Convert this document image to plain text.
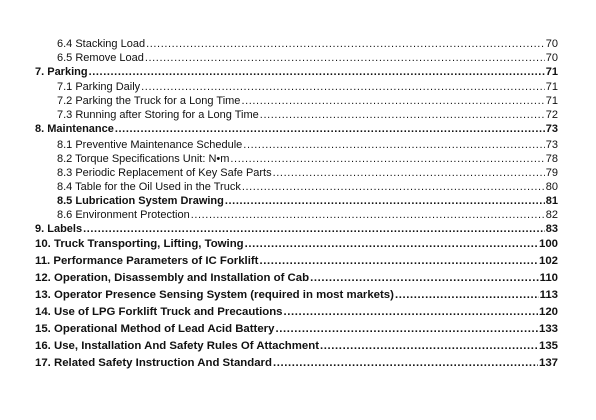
6.4 Stacking Load .....	70
6.5 Remove Load .....	70
7. Parking .....	71
7.1 Parking Daily .....	71
7.2 Parking the Truck for a Long Time .....	71
7.3 Running after Storing for a Long Time .....	72
8. Maintenance .....	73
8.1 Preventive Maintenance Schedule .....	73
8.2 Torque Specifications Unit: N•m .....	78
8.3 Periodic Replacement of Key Safe Parts .....	79
8.4 Table for the Oil Used in the Truck .....	80
8.5 Lubrication System Drawing .....	81
8.6 Environment Protection .....	82
9. Labels .....	83
10. Truck Transporting, Lifting, Towing .....	100
11. Performance Parameters of IC Forklift .....	102
12. Operation, Disassembly and Installation of Cab .....	110
13. Operator Presence Sensing System (required in most markets) .....	113
14. Use of LPG Forklift Truck and Precautions .....	120
15. Operational Method of Lead Acid Battery .....	133
16. Use, Installation And Safety Rules Of Attachment .....	135
17. Related Safety Instruction And Standard .....	137
